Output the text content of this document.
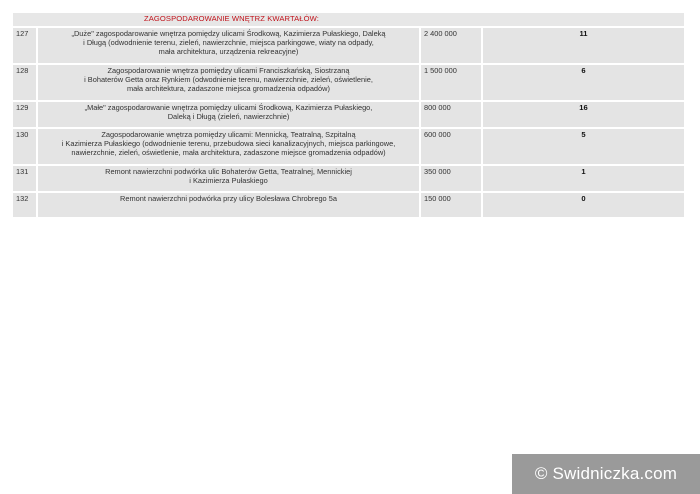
ZAGOSPODAROWANIE WNĘTRZ KWARTAŁÓW:			

127	„Duże" zagospodarowanie wnętrza pomiędzy ulicami Środkową, Kazimierza Pułaskiego, Daleką
i Długą (odwodnienie terenu, zieleń, nawierzchnie, miejsca parkingowe, wiaty na odpady,
mała architektura, urządzenia rekreacyjne)	2 400 000	11
128	Zagospodarowanie wnętrza pomiędzy ulicami Franciszkańską, Siostrzaną
i Bohaterów Getta oraz Rynkiem (odwodnienie terenu, nawierzchnie, zieleń, oświetlenie,
mała architektura, zadaszone miejsca gromadzenia odpadów)	1 500 000	6
129	„Małe" zagospodarowanie wnętrza pomiędzy ulicami Środkową, Kazimierza Pułaskiego,
Daleką i Długą (zieleń, nawierzchnie)	800 000	16
130	Zagospodarowanie wnętrza pomiędzy ulicami: Mennicką, Teatralną, Szpitalną
i Kazimierza Pułaskiego (odwodnienie terenu, przebudowa sieci kanalizacyjnych, miejsca parkingowe,
nawierzchnie, zieleń, oświetlenie, mała architektura, zadaszone miejsce gromadzenia odpadów)	600 000	5
131	Remont nawierzchni podwórka ulic Bohaterów Getta, Teatralnej, Mennickiej
i Kazimierza Pułaskiego	350 000	1
132	Remont nawierzchni podwórka przy ulicy Bolesława Chrobrego 5a	150 000	0
© Swidniczka.com
